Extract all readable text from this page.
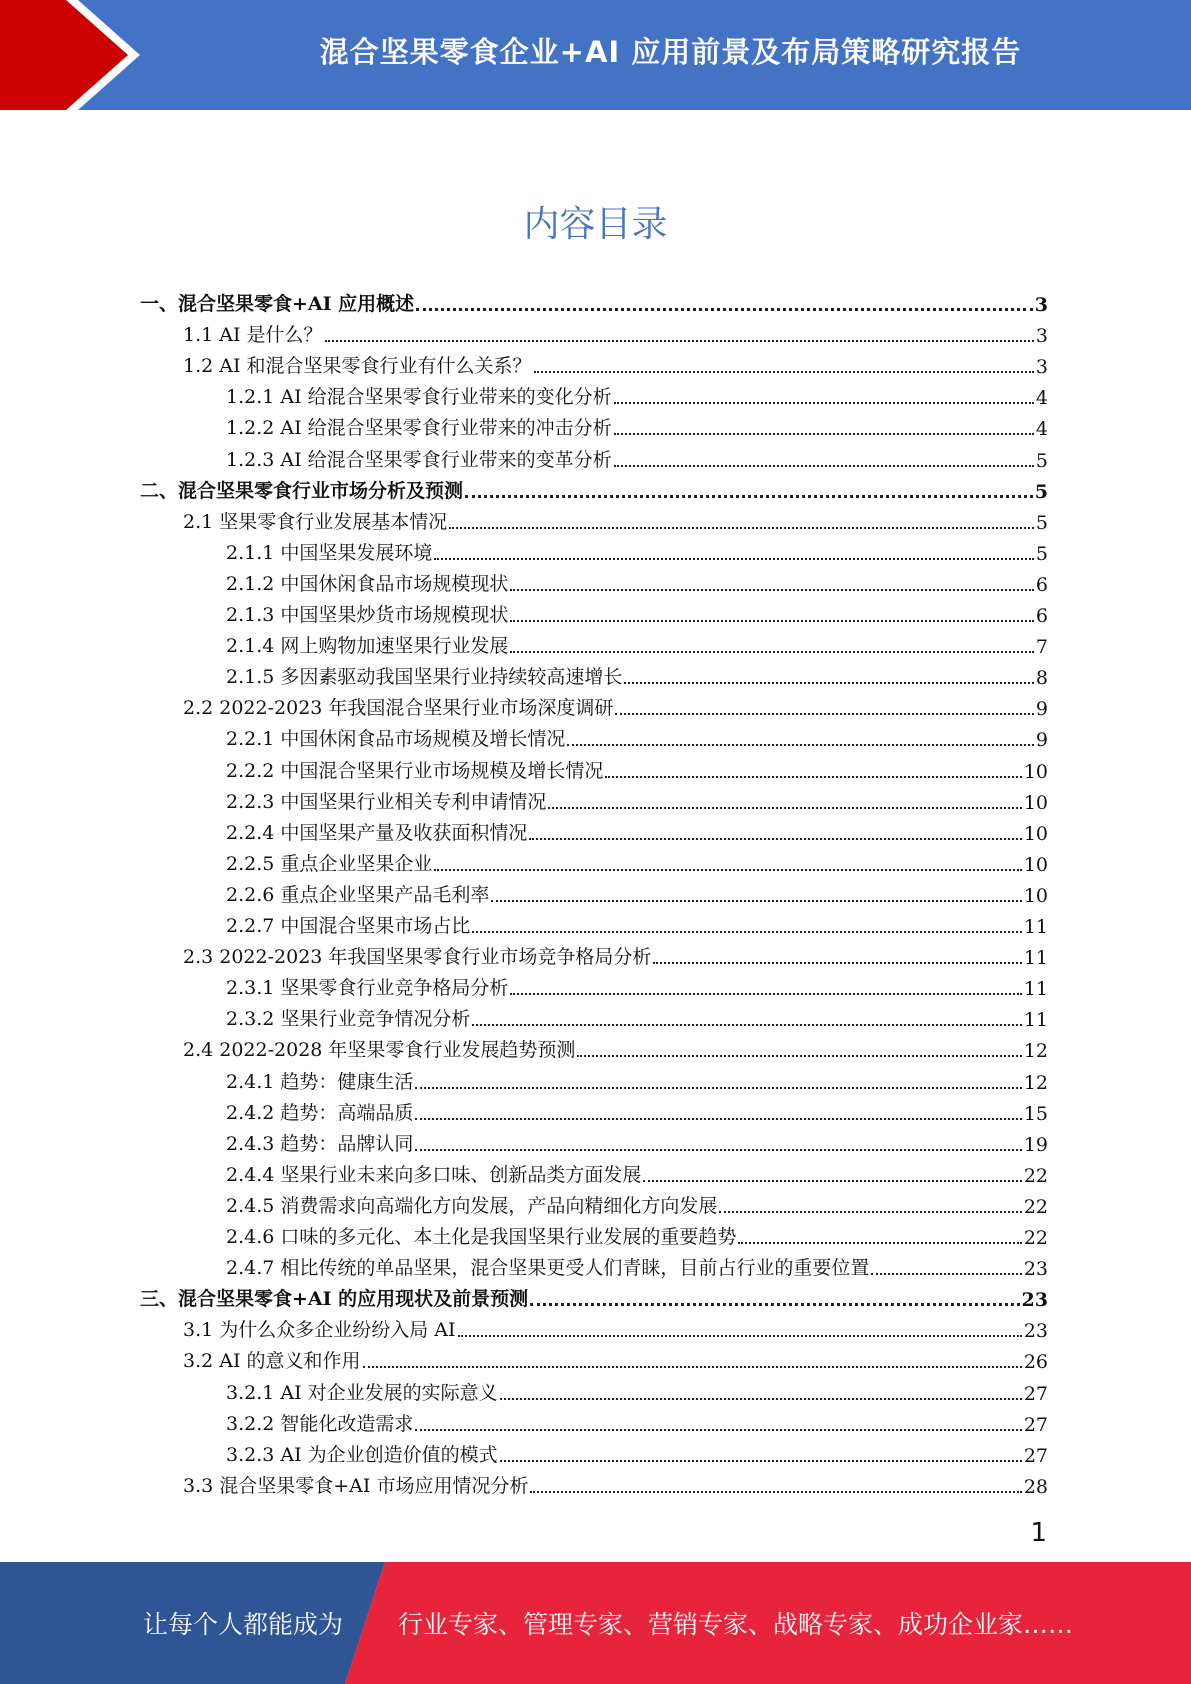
混合坚果零食企业+AI 应用前景及布局策略研究报告
内容目录
一、混合坚果零食+AI 应用概述	3
1.1 AI 是什么？	3
1.2 AI 和混合坚果零食行业有什么关系？	3
1.2.1 AI 给混合坚果零食行业带来的变化分析	4
1.2.2 AI 给混合坚果零食行业带来的冲击分析	4
1.2.3 AI 给混合坚果零食行业带来的变革分析	5
二、混合坚果零食行业市场分析及预测	5
2.1 坚果零食行业发展基本情况	5
2.1.1 中国坚果发展环境	5
2.1.2 中国休闲食品市场规模现状	6
2.1.3 中国坚果炒货市场规模现状	6
2.1.4 网上购物加速坚果行业发展	7
2.1.5 多因素驱动我国坚果行业持续较高速增长	8
2.2 2022-2023 年我国混合坚果行业市场深度调研	9
2.2.1 中国休闲食品市场规模及增长情况	9
2.2.2 中国混合坚果行业市场规模及增长情况	10
2.2.3 中国坚果行业相关专利申请情况	10
2.2.4 中国坚果产量及收获面积情况	10
2.2.5 重点企业坚果企业	10
2.2.6 重点企业坚果产品毛利率	10
2.2.7 中国混合坚果市场占比	11
2.3 2022-2023 年我国坚果零食行业市场竞争格局分析	11
2.3.1 坚果零食行业竞争格局分析	11
2.3.2 坚果行业竞争情况分析	11
2.4 2022-2028 年坚果零食行业发展趋势预测	12
2.4.1 趋势：健康生活	12
2.4.2 趋势：高端品质	15
2.4.3 趋势：品牌认同	19
2.4.4 坚果行业未来向多口味、创新品类方面发展	22
2.4.5 消费需求向高端化方向发展，产品向精细化方向发展	22
2.4.6 口味的多元化、本土化是我国坚果行业发展的重要趋势	22
2.4.7 相比传统的单品坚果，混合坚果更受人们青睐，目前占行业的重要位置	23
三、混合坚果零食+AI 的应用现状及前景预测	23
3.1 为什么众多企业纷纷入局 AI	23
3.2 AI 的意义和作用	26
3.2.1 AI 对企业发展的实际意义	27
3.2.2 智能化改造需求	27
3.2.3 AI 为企业创造价值的模式	27
3.3 混合坚果零食+AI 市场应用情况分析	28
1
让每个人都能成为 行业专家、管理专家、营销专家、战略专家、成功企业家……
